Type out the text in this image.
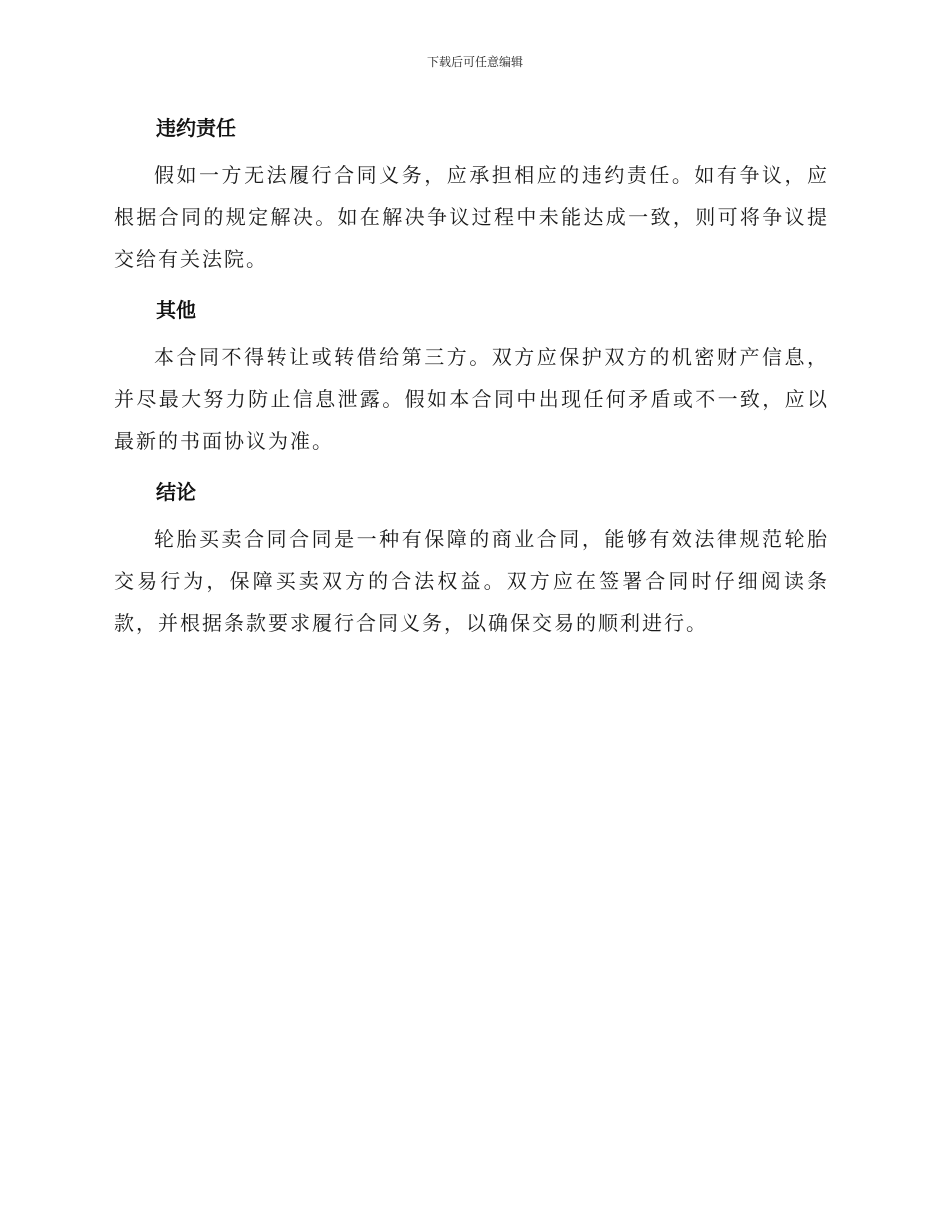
下载后可任意编辑
违约责任

假如一方无法履行合同义务，应承担相应的违约责任。如有争议，应根据合同的规定解决。如在解决争议过程中未能达成一致，则可将争议提交给有关法院。

其他

本合同不得转让或转借给第三方。双方应保护双方的机密财产信息，并尽最大努力防止信息泄露。假如本合同中出现任何矛盾或不一致，应以最新的书面协议为准。

结论

轮胎买卖合同合同是一种有保障的商业合同，能够有效法律规范轮胎交易行为，保障买卖双方的合法权益。双方应在签署合同时仔细阅读条款，并根据条款要求履行合同义务，以确保交易的顺利进行。
